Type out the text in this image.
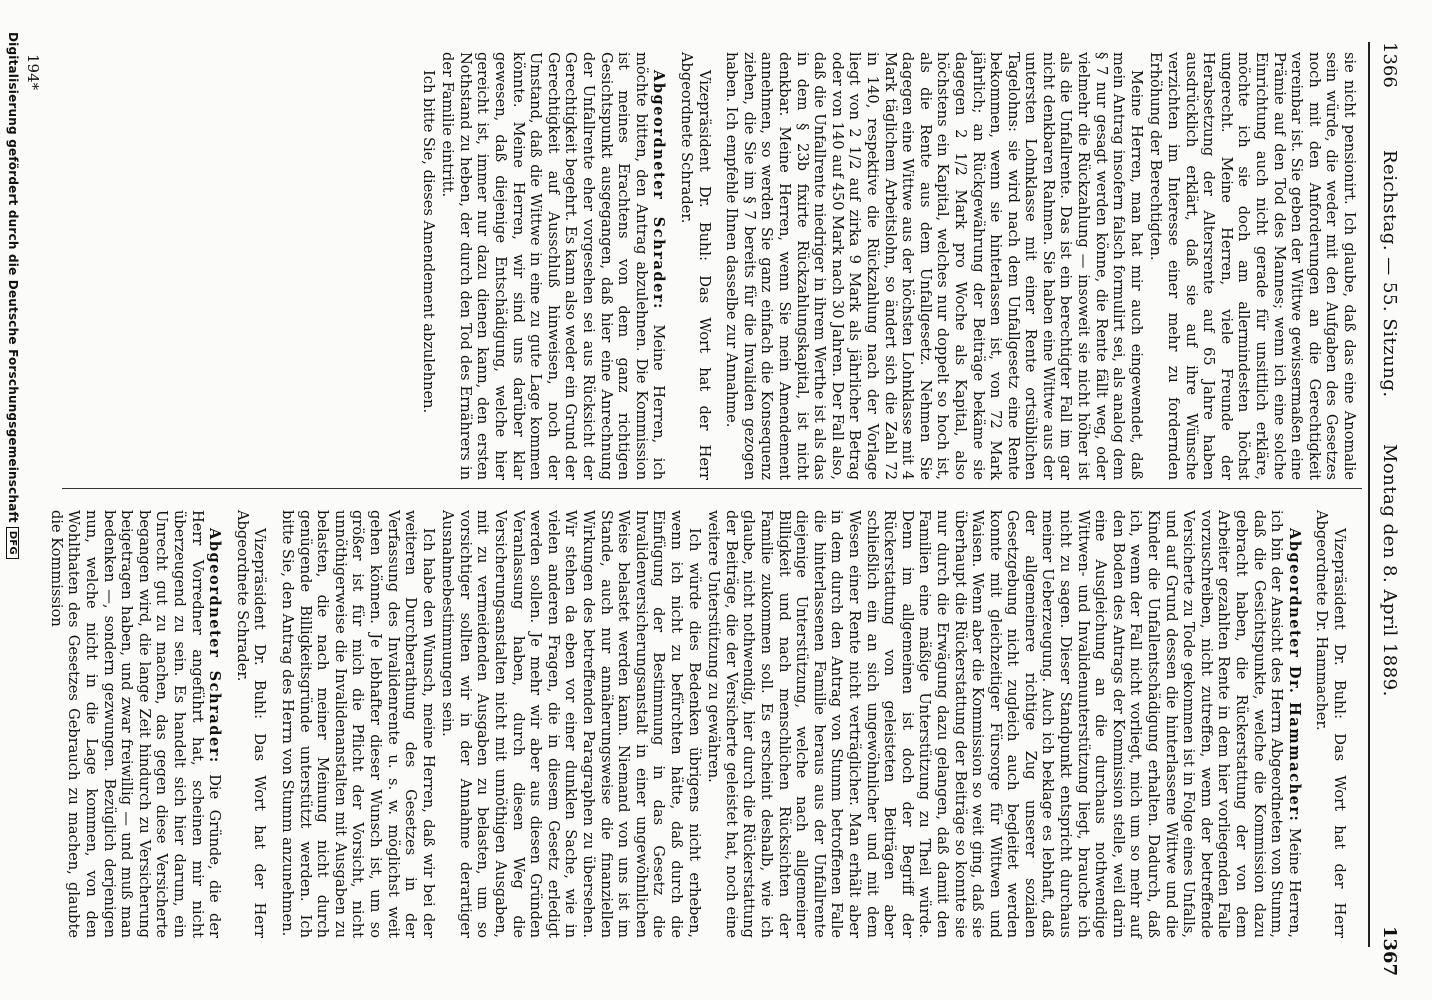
1366
Reichstag. — 55. Sitzung.
Montag den 8. April 1889.
1367

sie nicht pensionirt. Ich glaube, daß das eine Anomalie sein würde, die weder mit den Aufgaben des Gesetzes noch mit den Anforderungen an die Gerechtigkeit vereinbar ist. Sie geben der Wittwe gewissermaßen eine Prämie auf den Tod des Mannes; wenn ich eine solche Einrichtung auch nicht gerade für unsittlich erkläre, möchte ich sie doch am allermindesten höchst ungerecht. Meine Herren, viele Freunde der Herabsetzung der Altersrente auf 65 Jahre haben ausdrücklich erklärt, daß sie auf ihre Wünsche verzichten im Interesse einer mehr zu fordernden Erhöhung der Berechtigten.

Meine Herren, man hat mir auch eingewendet, daß mein Antrag insofern falsch formulirt sei, als analog dem § 7 nur gesagt werden könne, die Rente fällt weg, oder vielmehr die Rückzahlung — insoweit sie nicht höher ist als die Unfallrente. Das ist ein berechtigter Fall im gar nicht denkbaren Rahmen. Sie haben eine Wittwe aus der untersten Lohnklasse mit einer Rente ortsüblichen Tagelohns: sie wird nach dem Unfallgesetz eine Rente bekommen, wenn sie hinterlassen ist, von 72 Mark jährlich; an Rückgewährung der Beiträge bekäme sie dagegen 2 1/2 Mark pro Woche als Kapital, also höchstens ein Kapital, welches nur doppelt so hoch ist, als die Rente aus dem Unfallgesetz. Nehmen Sie dagegen eine Wittwe aus der höchsten Lohnklasse mit 4 Mark täglichem Arbeitslohn, so ändert sich die Zahl 72 in 140, respektive die Rückzahlung nach der Vorlage liegt von 2 1/2 auf zirka 9 Mark als jährlicher Betrag oder von 140 auf 450 Mark nach 30 Jahren. Der Fall also, daß die Unfallrente niedriger in ihrem Werthe ist als das in dem § 23b fixirte Rückzahlungskapital, ist nicht denkbar. Meine Herren, wenn Sie mein Amendement annehmen, so werden Sie ganz einfach die Konsequenz ziehen, die Sie im § 7 bereits für die Invaliden gezogen haben. Ich empfehle Ihnen dasselbe zur Annahme.

Vizepräsident Dr. Buhl: Das Wort hat der Herr Abgeordnete Schrader.

Abgeordneter Schrader: Meine Herren, ich möchte bitten, den Antrag abzulehnen. Die Kommission ist meines Erachtens von dem ganz richtigen Gesichtspunkt ausgegangen, daß hier eine Anrechnung der Unfallrente eher vorgesehen sei aus Rücksicht der Gerechtigkeit begehrt. Es kann also weder ein Grund der Gerechtigkeit auf Ausschluß hinweisen, noch der Umstand, daß die Wittwe in eine zu gute Lage kommen könnte. Meine Herren, wir sind uns darüber klar gewesen, daß diejenige Entschädigung, welche hier gereicht ist, immer nur dazu dienen kann, den ersten Nothstand zu heben, der durch den Tod des Ernährers in der Familie eintritt.

Ich bitte Sie, dieses Amendement abzulehnen.

Vizepräsident Dr. Buhl: Das Wort hat der Herr Abgeordnete Dr. Hammacher.

Abgeordneter Dr. Hammacher: Meine Herren, ich bin der Ansicht des Herrn Abgeordneten von Stumm, daß die Gesichtspunkte, welche die Kommission dazu gebracht haben, die Rückerstattung der von dem Arbeiter gezahlten Rente in dem hier vorliegenden Falle vorzuschreiben, nicht zutreffen, wenn der betreffende Versicherte zu Tode gekommen ist in Folge eines Unfalls, und auf Grund dessen die hinterlassene Wittwe und die Kinder die Unfallentschädigung erhalten. Dadurch, daß ich, wenn der Fall nicht vorliegt, mich um so mehr auf den Boden des Antrags der Kommission stelle, weil darin eine Ausgleichung an die durchaus nothwendige Wittwen- und Invalidenunterstützung liegt, brauche ich nicht zu sagen. Dieser Standpunkt entspricht durchaus meiner Ueberzeugung. Auch ich beklage es lebhaft, daß der allgemeinere richtige Zug unserer sozialen Gesetzgebung nicht zugleich auch begleitet werden konnte mit gleichzeitiger Fürsorge für Wittwen und Waisen. Wenn aber die Kommission so weit ging, daß sie überhaupt die Rückerstattung der Beiträge so konnte sie nur durch die Erwägung dazu gelangen, daß damit den Familien eine mäßige Unterstützung zu Theil würde. Denn im allgemeinen ist doch der Begriff der Rückerstattung von geleisteten Beiträgen aber schließlich ein an sich ungewöhnlicher und mit dem Wesen einer Rente nicht verträglicher. Man erhält aber in dem durch den Antrag von Stumm betroffenen Falle die hinterlassenen Familie heraus aus der Unfallrente diejenige Unterstützung, welche nach allgemeiner Billigkeit und nach menschlichen Rücksichten der Familie zukommen soll. Es erscheint deshalb, wie ich glaube, nicht nothwendig, hier durch die Rückerstattung der Beiträge, die der Versicherte geleistet hat, noch eine weitere Unterstützung zu gewähren.

Ich würde dies Bedenken übrigens nicht erheben, wenn ich nicht zu befürchten hätte, daß durch die Einfügung der Bestimmung in das Gesetz die Invalidenversicherungsanstalt in einer ungewöhnlichen Weise belastet werden kann. Niemand von uns ist im Stande, auch nur annäherungsweise die finanziellen Wirkungen des betreffenden Paragraphen zu übersehen. Wir stehen da eben vor einer dunklen Sache, wie in vielen anderen Fragen, die in diesem Gesetz erledigt werden sollen. Je mehr wir aber aus diesen Gründen Veranlassung haben, durch diesen Weg die Versicherungsanstalten nicht mit unnöthigen Ausgaben, mit zu vermeidenden Ausgaben zu belasten, um so vorsichtiger sollten wir in der Annahme derartiger Ausnahmebestimmungen sein.

Ich habe den Wunsch, meine Herren, daß wir bei der weiteren Durchberathung des Gesetzes in der Verfassung des Invalidenrente u. s. w. möglichst weit gehen können. Je lebhafter dieser Wunsch ist, um so größer ist für mich die Pflicht der Vorsicht, nicht unnöthigerweise die Invalidenanstalten mit Ausgaben zu belasten, die nach meiner Meinung nicht durch genügende Billigkeitsgründe unterstützt werden. Ich bitte Sie, den Antrag des Herrn von Stumm anzunehmen.

Vizepräsident Dr. Buhl: Das Wort hat der Herr Abgeordnete Schrader.

Abgeordneter Schrader: Die Gründe, die der Herr Vorredner angeführt hat, scheinen mir nicht überzeugend zu sein. Es handelt sich hier darum, ein Unrecht gut zu machen, das gegen diese Versicherte begangen wird, die lange Zeit hindurch zu Versicherung beigetragen haben, und zwar freiwillig — und muß man bedenken —, sondern gezwungen. Bezüglich derjenigen nun, welche nicht in die Lage kommen, von den Wohlthaten des Gesetzes Gebrauch zu machen, glaubte die Kommission

194*
Digitalisierung gefördert durch die Deutsche ForschungsgemeinschaftDFG
